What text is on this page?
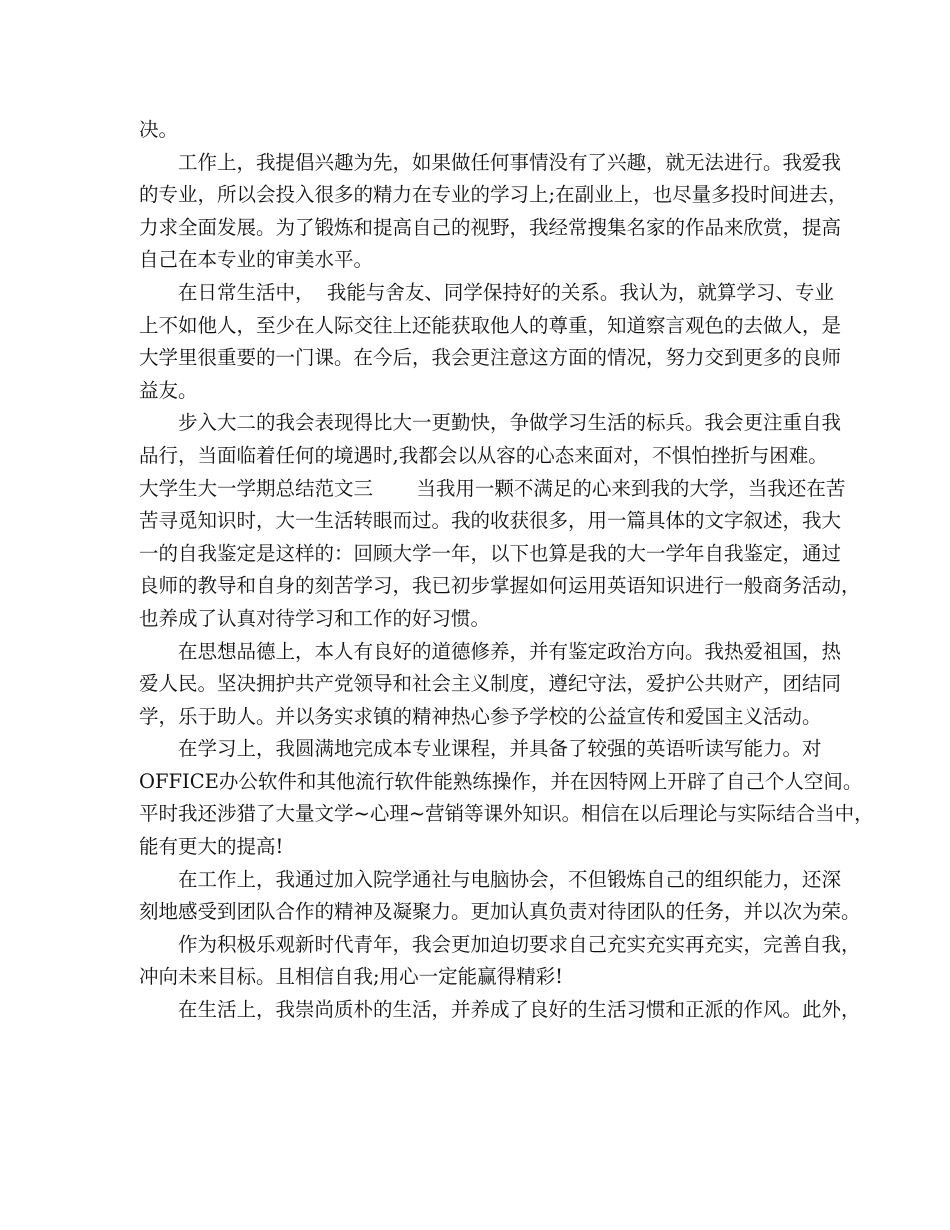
决。
工作上，我提倡兴趣为先，如果做任何事情没有了兴趣，就无法进行。我爱我
的专业，所以会投入很多的精力在专业的学习上;在副业上，也尽量多投时间进去，
力求全面发展。为了锻炼和提高自己的视野，我经常搜集名家的作品来欣赏，提高
自己在本专业的审美水平。
在日常生活中，  我能与舍友、同学保持好的关系。我认为，就算学习、专业
上不如他人，至少在人际交往上还能获取他人的尊重，知道察言观色的去做人，是
大学里很重要的一门课。在今后，我会更注意这方面的情况，努力交到更多的良师
益友。
步入大二的我会表现得比大一更勤快，争做学习生活的标兵。我会更注重自我
品行，当面临着任何的境遇时,我都会以从容的心态来面对，不惧怕挫折与困难。
大学生大一学期总结范文三       当我用一颗不满足的心来到我的大学，当我还在苦
苦寻觅知识时，大一生活转眼而过。我的收获很多，用一篇具体的文字叙述，我大
一的自我鉴定是这样的：回顾大学一年，以下也算是我的大一学年自我鉴定，通过
良师的教导和自身的刻苦学习，我已初步掌握如何运用英语知识进行一般商务活动，
也养成了认真对待学习和工作的好习惯。
在思想品德上，本人有良好的道德修养，并有鉴定政治方向。我热爱祖国，热
爱人民。坚决拥护共产党领导和社会主义制度，遵纪守法，爱护公共财产，团结同
学，乐于助人。并以务实求镇的精神热心参予学校的公益宣传和爱国主义活动。
在学习上，我圆满地完成本专业课程，并具备了较强的英语听读写能力。对
OFFICE办公软件和其他流行软件能熟练操作，并在因特网上开辟了自己个人空间。
平时我还涉猎了大量文学~心理~营销等课外知识。相信在以后理论与实际结合当中，
能有更大的提高!
在工作上，我通过加入院学通社与电脑协会，不但锻炼自己的组织能力，还深
刻地感受到团队合作的精神及凝聚力。更加认真负责对待团队的任务，并以次为荣。
作为积极乐观新时代青年，我会更加迫切要求自己充实充实再充实，完善自我，
冲向未来目标。且相信自我;用心一定能赢得精彩!
在生活上，我崇尚质朴的生活，并养成了良好的生活习惯和正派的作风。此外，
